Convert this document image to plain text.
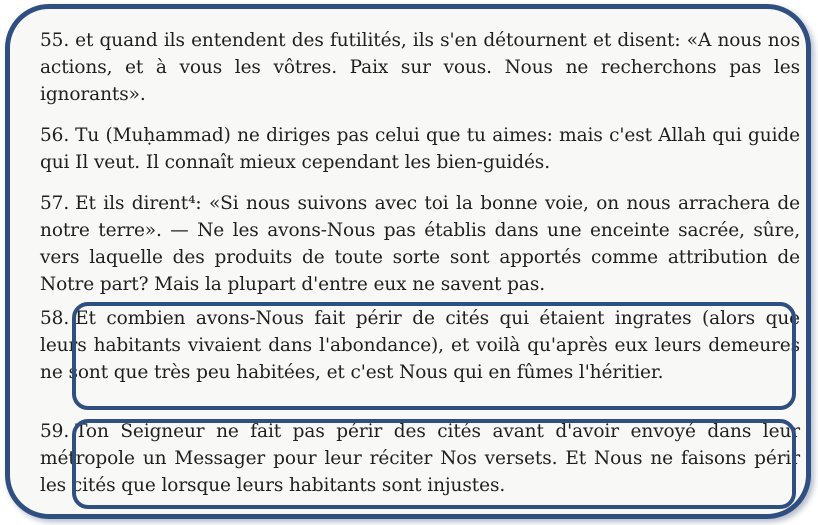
55. et quand ils entendent des futilités, ils s'en détournent et disent: «A nous nos actions, et à vous les vôtres. Paix sur vous. Nous ne recherchons pas les ignorants».

56. Tu (Muḥammad) ne diriges pas celui que tu aimes: mais c'est Allah qui guide qui Il veut. Il connaît mieux cependant les bien-guidés.

57. Et ils dirent⁴: «Si nous suivons avec toi la bonne voie, on nous arrachera de notre terre». — Ne les avons-Nous pas établis dans une enceinte sacrée, sûre, vers laquelle des produits de toute sorte sont apportés comme attribution de Notre part? Mais la plupart d'entre eux ne savent pas.

58. Et combien avons-Nous fait périr de cités qui étaient ingrates (alors que leurs habitants vivaient dans l'abondance), et voilà qu'après eux leurs demeures ne sont que très peu habitées, et c'est Nous qui en fûmes l'héritier.

59. Ton Seigneur ne fait pas périr des cités avant d'avoir envoyé dans leur métropole un Messager pour leur réciter Nos versets. Et Nous ne faisons périr les cités que lorsque leurs habitants sont injustes.
